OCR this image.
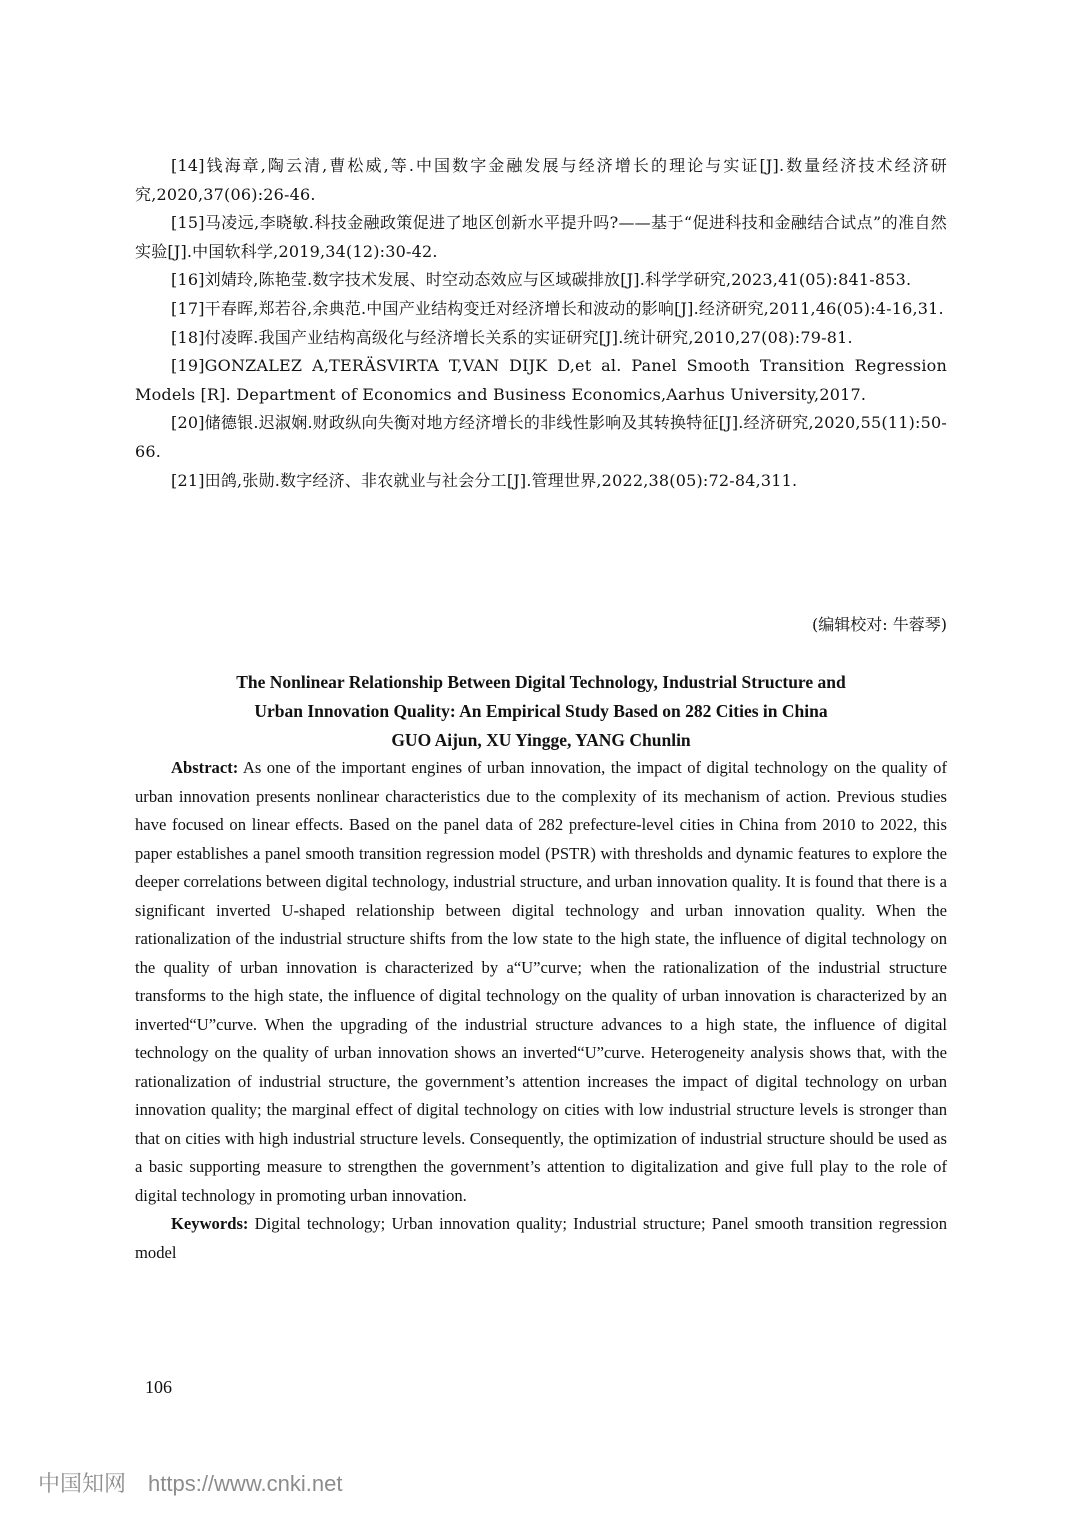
[14]钱海章,陶云清,曹松威,等.中国数字金融发展与经济增长的理论与实证[J].数量经济技术经济研究,2020,37(06):26-46.

[15]马凌远,李晓敏.科技金融政策促进了地区创新水平提升吗?——基于“促进科技和金融结合试点”的准自然实验[J].中国软科学,2019,34(12):30-42.

[16]刘婧玲,陈艳莹.数字技术发展、时空动态效应与区域碳排放[J].科学学研究,2023,41(05):841-853.

[17]干春晖,郑若谷,余典范.中国产业结构变迁对经济增长和波动的影响[J].经济研究,2011,46(05):4-16,31.

[18]付凌晖.我国产业结构高级化与经济增长关系的实证研究[J].统计研究,2010,27(08):79-81.

[19]GONZALEZ A,TERÄSVIRTA T,VAN DIJK D,et al. Panel Smooth Transition Regression Models [R]. Department of Economics and Business Economics,Aarhus University,2017.

[20]储德银.迟淑娴.财政纵向失衡对地方经济增长的非线性影响及其转换特征[J].经济研究,2020,55(11):50-66.

[21]田鸽,张勋.数字经济、非农就业与社会分工[J].管理世界,2022,38(05):72-84,311.

(编辑校对: 牛蓉琴)
The Nonlinear Relationship Between Digital Technology, Industrial Structure and
Urban Innovation Quality: An Empirical Study Based on 282 Cities in China
GUO Aijun, XU Yingge, YANG Chunlin

Abstract: As one of the important engines of urban innovation, the impact of digital technology on the quality of urban innovation presents nonlinear characteristics due to the complexity of its mechanism of action. Previous studies have focused on linear effects. Based on the panel data of 282 prefecture-level cities in China from 2010 to 2022, this paper establishes a panel smooth transition regression model (PSTR) with thresholds and dynamic features to explore the deeper correlations between digital technology, industrial structure, and urban innovation quality. It is found that there is a significant inverted U-shaped relationship between digital technology and urban innovation quality. When the rationalization of the industrial structure shifts from the low state to the high state, the influence of digital technology on the quality of urban innovation is characterized by a“U”curve; when the rationalization of the industrial structure transforms to the high state, the influence of digital technology on the quality of urban innovation is characterized by an inverted“U”curve. When the upgrading of the industrial structure advances to a high state, the influence of digital technology on the quality of urban innovation shows an inverted“U”curve. Heterogeneity analysis shows that, with the rationalization of industrial structure, the government’s attention increases the impact of digital technology on urban innovation quality; the marginal effect of digital technology on cities with low industrial structure levels is stronger than that on cities with high industrial structure levels. Consequently, the optimization of industrial structure should be used as a basic supporting measure to strengthen the government’s attention to digitalization and give full play to the role of digital technology in promoting urban innovation.

Keywords: Digital technology; Urban innovation quality; Industrial structure; Panel smooth transition regression model

106
中国知网 https://www.cnki.net
